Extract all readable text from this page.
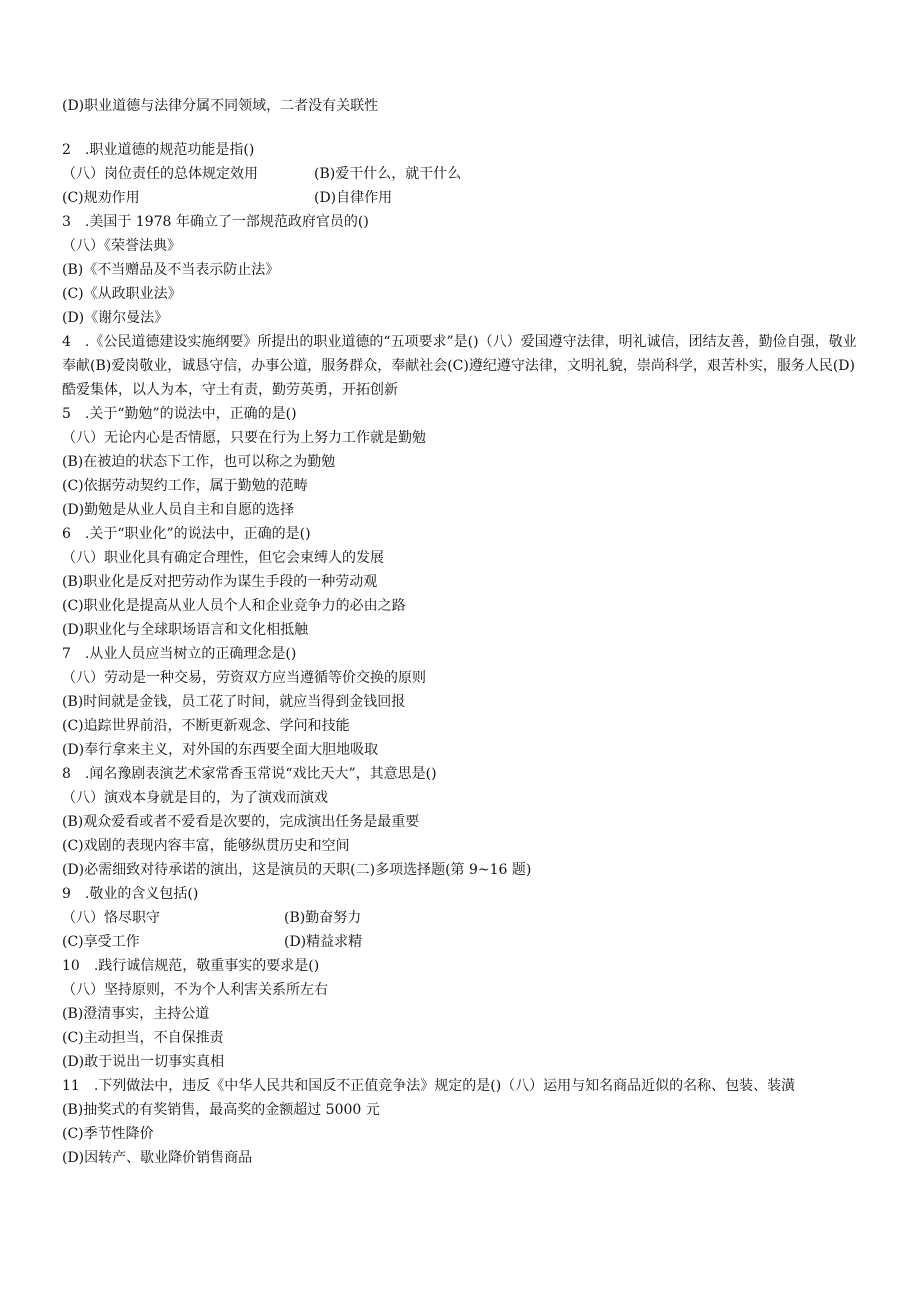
(D)职业道德与法律分属不同领域，二者没有关联性
2　.职业道德的规范功能是指()
（八）岗位责任的总体规定效用	(B)爱干什么，就干什么
(C)规劝作用	(D)自律作用
3　.美国于 1978 年确立了一部规范政府官员的()
（八）《荣誉法典》
(B)《不当赠品及不当表示防止法》
(C)《从政职业法》
(D)《谢尔曼法》
4　.《公民道德建设实施纲要》所提出的职业道德的“五项要求”是()（八）爱国遵守法律，明礼诚信，团结友善，勤俭自强，敬业奉献(B)爱岗敬业，诚恳守信，办事公道，服务群众，奉献社会(C)遵纪遵守法律，文明礼貌，崇尚科学，艰苦朴实，服务人民(D)酷爱集体，以人为本，守土有责，勤劳英勇，开拓创新
5　.关于“勤勉”的说法中，正确的是()
（八）无论内心是否情愿，只要在行为上努力工作就是勤勉
(B)在被迫的状态下工作，也可以称之为勤勉
(C)依据劳动契约工作，属于勤勉的范畴
(D)勤勉是从业人员自主和自愿的选择
6　.关于“职业化”的说法中，正确的是()
（八）职业化具有确定合理性，但它会束缚人的发展
(B)职业化是反对把劳动作为谋生手段的一种劳动观
(C)职业化是提高从业人员个人和企业竞争力的必由之路
(D)职业化与全球职场语言和文化相抵触
7　.从业人员应当树立的正确理念是()
（八）劳动是一种交易，劳资双方应当遵循等价交换的原则
(B)时间就是金钱，员工花了时间，就应当得到金钱回报
(C)追踪世界前沿，不断更新观念、学问和技能
(D)奉行拿来主义，对外国的东西要全面大胆地吸取
8　.闻名豫剧表演艺术家常香玉常说“戏比天大”，其意思是()
（八）演戏本身就是目的，为了演戏而演戏
(B)观众爱看或者不爱看是次要的，完成演出任务是最重要
(C)戏剧的表现内容丰富，能够纵贯历史和空间
(D)必需细致对待承诺的演出，这是演员的天职(二)多项选择题(第 9~16 题)
9　.敬业的含义包括()
（八）恪尽职守	(B)勤奋努力
(C)享受工作	(D)精益求精
10　.践行诚信规范，敬重事实的要求是()
（八）坚持原则，不为个人利害关系所左右
(B)澄清事实，主持公道
(C)主动担当，不自保推责
(D)敢于说出一切事实真相
11　.下列做法中，违反《中华人民共和国反不正值竞争法》规定的是()（八）运用与知名商品近似的名称、包装、装潢
(B)抽奖式的有奖销售，最高奖的金额超过 5000 元
(C)季节性降价
(D)因转产、歇业降价销售商品
